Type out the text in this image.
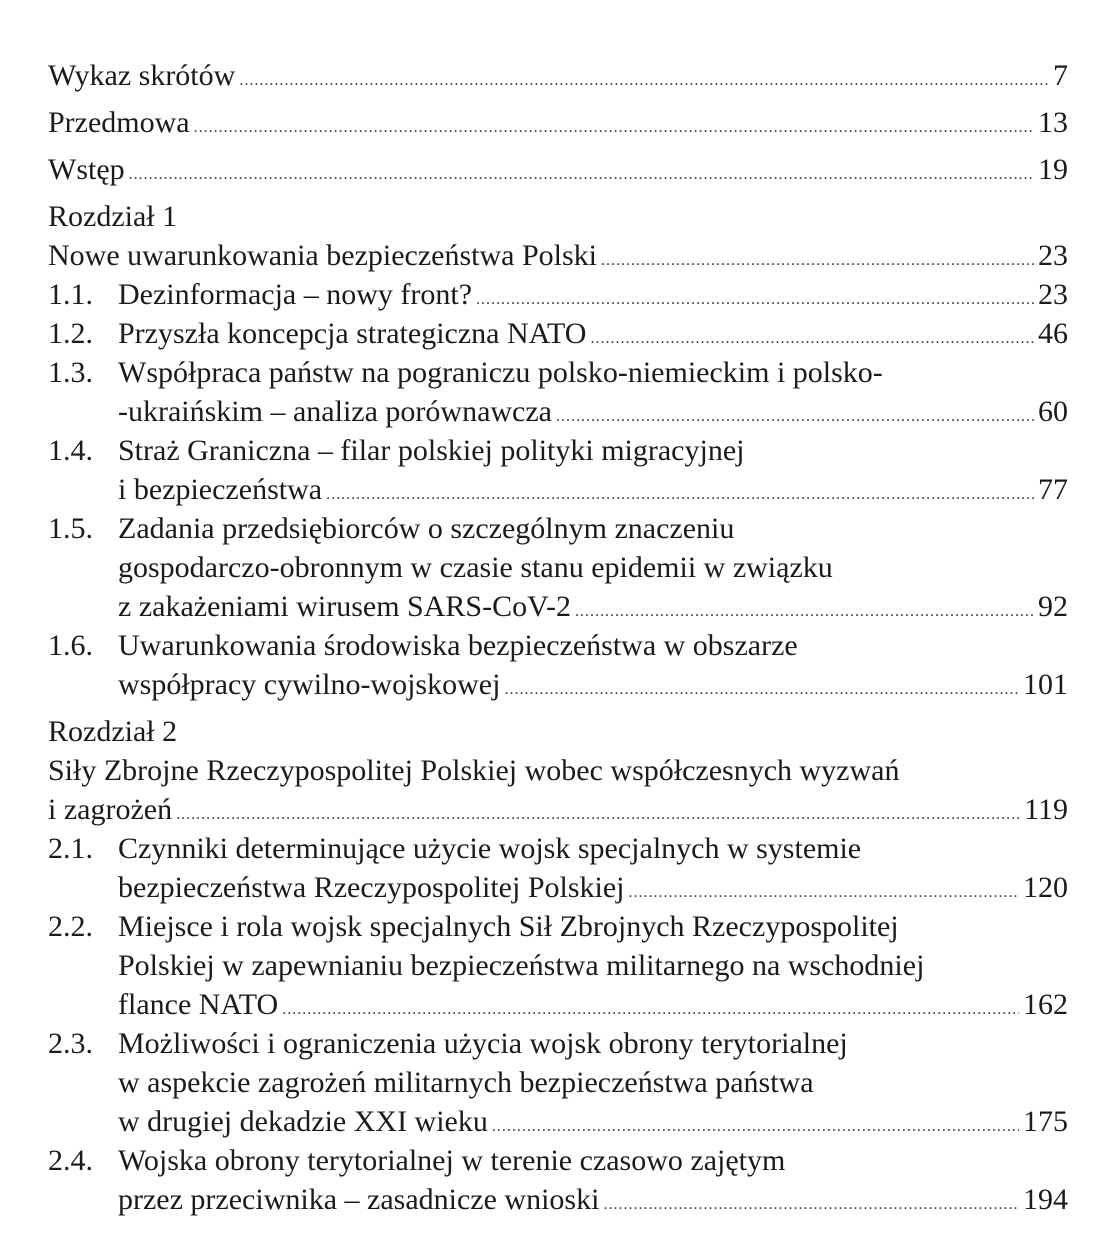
Wykaz skrótów .....	7
Przedmowa .....	13
Wstęp .....	19
Rozdział 1
Nowe uwarunkowania bezpieczeństwa Polski .....	23
1.1. Dezinformacja – nowy front? .....	23
1.2. Przyszła koncepcja strategiczna NATO .....	46
1.3. Współpraca państw na pograniczu polsko-niemieckim i polsko-
-ukraińskim – analiza porównawcza .....	60
1.4. Straż Graniczna – filar polskiej polityki migracyjnej
i bezpieczeństwa .....	77
1.5. Zadania przedsiębiorców o szczególnym znaczeniu
gospodarczo-obronnym w czasie stanu epidemii w związku
z zakażeniami wirusem SARS-CoV-2 .....	92
1.6. Uwarunkowania środowiska bezpieczeństwa w obszarze
współpracy cywilno-wojskowej .....	101
Rozdział 2
Siły Zbrojne Rzeczypospolitej Polskiej wobec współczesnych wyzwań
i zagrożeń .....	119
2.1. Czynniki determinujące użycie wojsk specjalnych w systemie
bezpieczeństwa Rzeczypospolitej Polskiej .....	120
2.2. Miejsce i rola wojsk specjalnych Sił Zbrojnych Rzeczypospolitej
Polskiej w zapewnianiu bezpieczeństwa militarnego na wschodniej
flance NATO .....	162
2.3. Możliwości i ograniczenia użycia wojsk obrony terytorialnej
w aspekcie zagrożeń militarnych bezpieczeństwa państwa
w drugiej dekadzie XXI wieku .....	175
2.4. Wojska obrony terytorialnej w terenie czasowo zajętym
przez przeciwnika – zasadnicze wnioski .....	194
